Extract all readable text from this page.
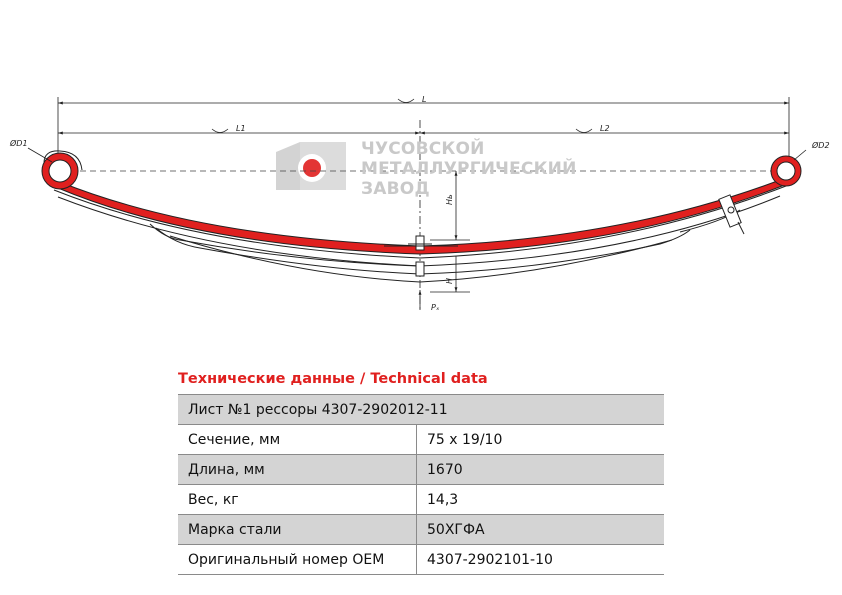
L
L1	L2
ØD1	ØD2
Hь
H
Pₓ
ЧУСОВСКОЙ
МЕТАЛЛУРГИЧЕСКИЙ
ЗАВОД
Технические данные / Technical data
Лист №1 рессоры 4307-2902012-11	
Сечение, мм	75 x 19/10
Длина, мм	1670
Вес, кг	14,3
Марка стали	50ХГФА
Оригинальный номер OEM	4307-2902101-10
